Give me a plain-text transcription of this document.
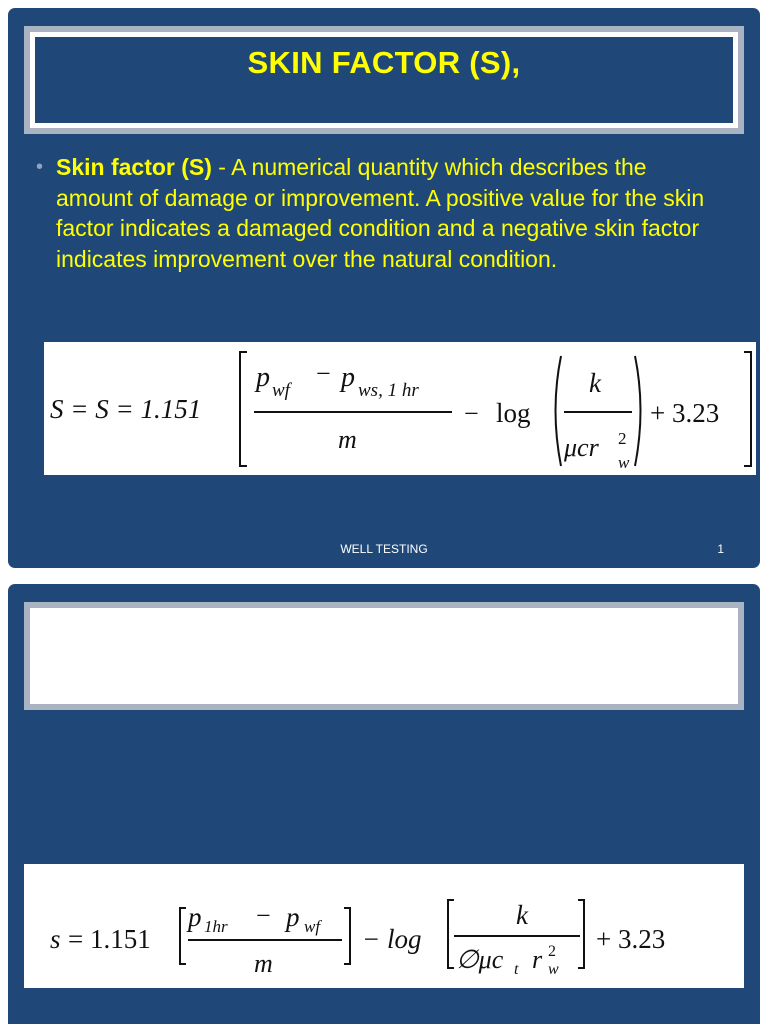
SKIN FACTOR (S),
• Skin factor (S) - A numerical quantity which describes the amount of damage or improvement. A positive value for the skin factor indicates a damaged condition and a negative skin factor indicates improvement over the natural condition.
S = S = 1.151
p wf
− p ws, 1 hr
m
− log
k
μcr 2
w
+ 3.23
WELL TESTING	1
s = 1.151
p 1hr − p wf
m
− log
k
∅μc t r 2
w
+ 3.23
